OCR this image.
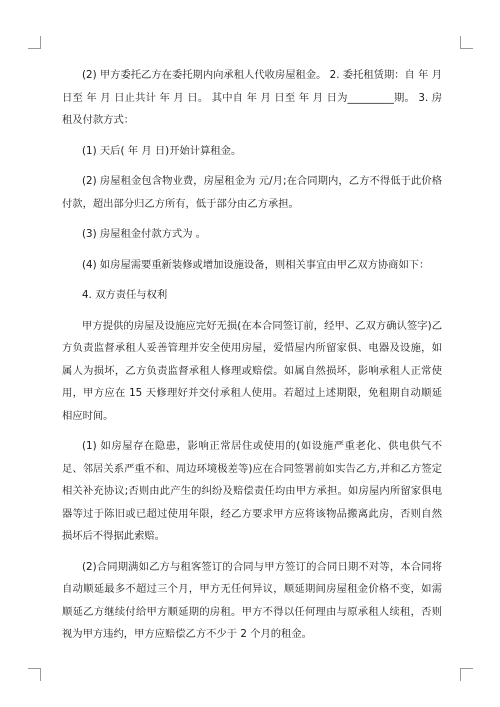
(2) 甲方委托乙方在委托期内向承租人代收房屋租金。 2. 委托租赁期：自 年 月 日至 年 月 日止共计 年 月 日。 其中自 年 月 日至 年 月 日为_________期。 3. 房租及付款方式：

(1) 天后( 年 月 日)开始计算租金。

(2) 房屋租金包含物业费，房屋租金为 元/月;在合同期内，乙方不得低于此价格付款，超出部分归乙方所有，低于部分由乙方承担。

(3) 房屋租金付款方式为 。

(4) 如房屋需要重新装修或增加设施设备，则相关事宜由甲乙双方协商如下：

4. 双方责任与权利

甲方提供的房屋及设施应完好无损(在本合同签订前，经甲、乙双方确认签字)乙方负责监督承租人妥善管理并安全使用房屋，爱惜屋内所留家俱、电器及设施，如属人为损坏，乙方负责监督承租人修理或赔偿。如属自然损坏，影响承租人正常使用，甲方应在 15 天修理好并交付承租人使用。若超过上述期限，免租期自动顺延相应时间。

(1) 如房屋存在隐患，影响正常居住或使用的(如设施严重老化、供电供气不足、邻居关系严重不和、周边环境极差等)应在合同签署前如实告乙方,并和乙方签定相关补充协议;否则由此产生的纠纷及赔偿责任均由甲方承担。如房屋内所留家俱电器等过于陈旧或已超过使用年限，经乙方要求甲方应将该物品搬离此房，否则自然损坏后不得据此索赔。

(2)合同期满如乙方与租客签订的合同与甲方签订的合同日期不对等，本合同将自动顺延最多不超过三个月，甲方无任何异议，顺延期间房屋租金价格不变，如需顺延乙方继续付给甲方顺延期的房租。甲方不得以任何理由与原承租人续租，否则视为甲方违约，甲方应赔偿乙方不少于 2 个月的租金。
